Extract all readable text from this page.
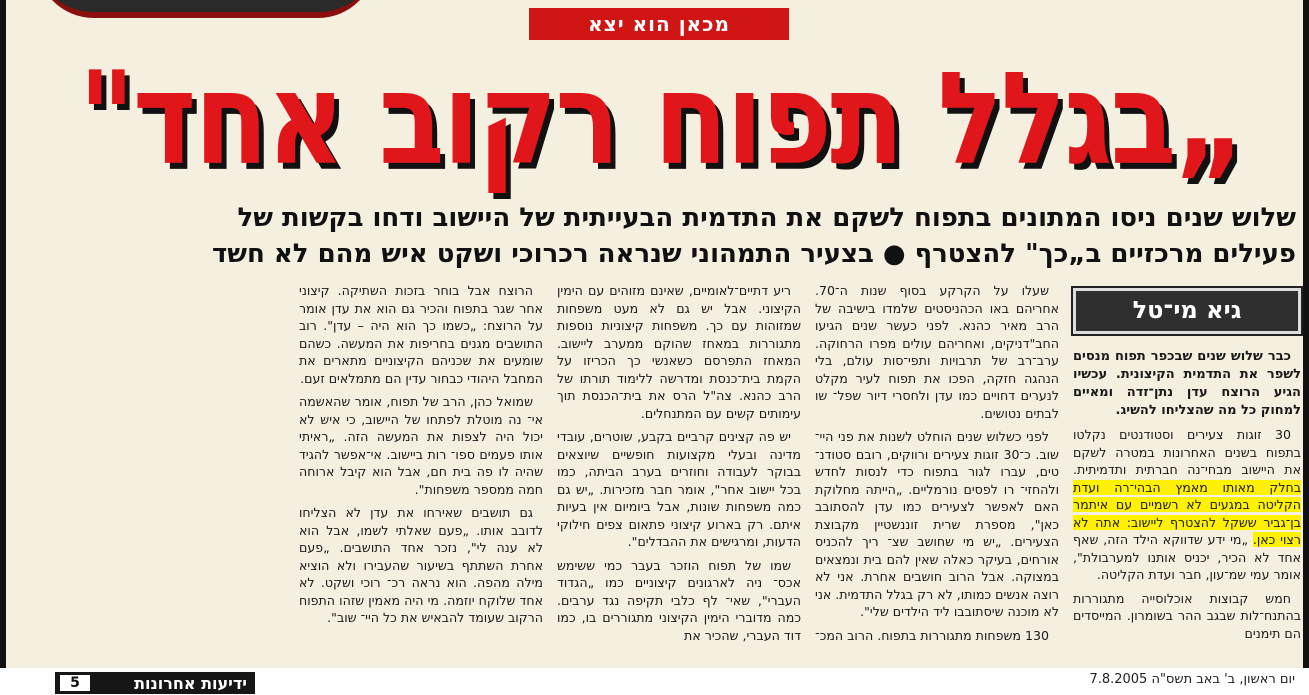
מכאן הוא יצא
„בגלל תפוח רקוב אחד"
שלוש שנים ניסו המתונים בתפוח לשקם את התדמית הבעייתית של היישוב ודחו בקשות של
פעילים מרכזיים ב„כך" להצטרף ● בצעיר התמהוני שנראה רכרוכי ושקט איש מהם לא חשד
גיא מי־טל

כבר שלוש שנים שבכפר תפוח מנסים לשפר את התדמית הקיצונית. עכשיו הגיע הרוצח עדן נתן־זדה ומאיים למחוק כל מה שהצליחו להשיג.

30 זוגות צעירים וסטודנטים נקלטו בתפוח בשנים האחרונות במטרה לשקם את היישוב מבחי־נה חברתית ותדמיתית. בחלק מאותו מאמץ הבהי־רה ועדת הקליטה במגעים לא רשמיים עם איתמר בן־גביר ששקל להצטרף ליישוב: אתה לא רצוי כאן. „מי ידע שדווקא הילד הזה, שאף אחד לא הכיר, יכניס אותנו למערבולת", אומר עמי שמ־עון, חבר ועדת הקליטה.

חמש קבוצות אוכלוסייה מתגוררות בהתנח־לות שבגב ההר בשומרון. המייסדים הם תימנים

שעלו על הקרקע בסוף שנות ה־70. אחריהם באו הכהניסטים שלמדו בישיבה של הרב מאיר כהנא. לפני כעשר שנים הגיעו החב"דניקים, ואחריהם עולים מפרו הרחוקה. ערב־רב של תרבויות ותפי־סות עולם, בלי הנהגה חזקה, הפכו את תפוח לעיר מקלט לנערים דחויים כמו עדן ולחסרי דיור שפל־ שו לבתים נטושים.

לפני כשלוש שנים הוחלט לשנות את פני היי־ שוב. כ־30 זוגות צעירים ורווקים, רובם סטודנ־ טים, עברו לגור בתפוח כדי לנסות לחדש ולהחזי־ רו לפסים נורמליים. „הייתה מחלוקת האם לאפשר לצעירים כמו עדן להסתובב כאן", מספרת שרית זוננשטיין מקבוצת הצעירים. „יש מי שחושב שצ־ ריך להכניס אורחים, בעיקר כאלה שאין להם בית ונמצאים במצוקה. אבל הרוב חושבים אחרת. אני לא רוצה אנשים כמותו, לא רק בגלל התדמית. אני לא מוכנה שיסתובבו ליד הילדים שלי".

130 משפחות מתגוררות בתפוח. הרוב המכ־

ריע דתיים־לאומיים, שאינם מזוהים עם הימין הקיצוני. אבל יש גם לא מעט משפחות שמזוהות עם כך. משפחות קיצוניות נוספות מתגוררות במאחז שהוקם ממערב ליישוב. המאחז התפרסם כשאנשי כך הכריזו על הקמת בית־כנסת ומדרשה ללימוד תורתו של הרב כהנא. צה"ל הרס את בית־הכנסת תוך עימותים קשים עם המתנחלים.

יש פה קצינים קרביים בקבע, שוטרים, עובדי מדינה ובעלי מקצועות חופשיים שיוצאים בבוקר לעבודה וחוזרים בערב הביתה, כמו בכל יישוב אחר", אומר חבר מזכירות. „יש גם כמה משפחות שונות, אבל ביומיום אין בעיות איתם. רק בארוע קיצוני פתאום צפים חילוקי הדעות, ומרגישים את ההבדלים".

שמו של תפוח הוזכר בעבר כמי ששימש אכס־ ניה לארגונים קיצוניים כמו „הגדוד העברי", שאי־ לף כלבי תקיפה נגד ערבים. כמה מדוברי הימין הקיצוני מתגוררים בו, כמו דוד העברי, שהכיר את

הרוצח אבל בוחר בזכות השתיקה. קיצוני אחר שגר בתפוח והכיר גם הוא את עדן אומר על הרוצח: „כשמו כך הוא היה – עדן". רוב התושבים מגנים בחריפות את המעשה. כשהם שומעים את שכניהם הקיצוניים מתארים את המחבל היהודי כבחור עדין הם מתמלאים זעם.

שמואל כהן, הרב של תפוח, אומר שהאשמה אי־ נה מוטלת לפתחו של היישוב, כי איש לא יכול היה לצפות את המעשה הזה. „ראיתי אותו פעמים ספו־ רות ביישוב. אי־אפשר להגיד שהיה לו פה בית חם, אבל הוא קיבל ארוחה חמה ממספר משפחות".

גם תושבים שאירחו את עדן לא הצליחו לדובב אותו. „פעם שאלתי לשמו, אבל הוא לא ענה לי", נזכר אחד התושבים. „פעם אחרת השתתף בשיעור שהעבירו ולא הוציא מילה מהפה. הוא נראה רכ־ רוכי ושקט. לא אחד שלוקח יוזמה. מי היה מאמין שזהו התפוח הרקוב שעומד להבאיש את כל היי־ שוב".

ידיעות אחרונות
5	יום ראשון, ב' באב תשס"ה 7.8.2005
